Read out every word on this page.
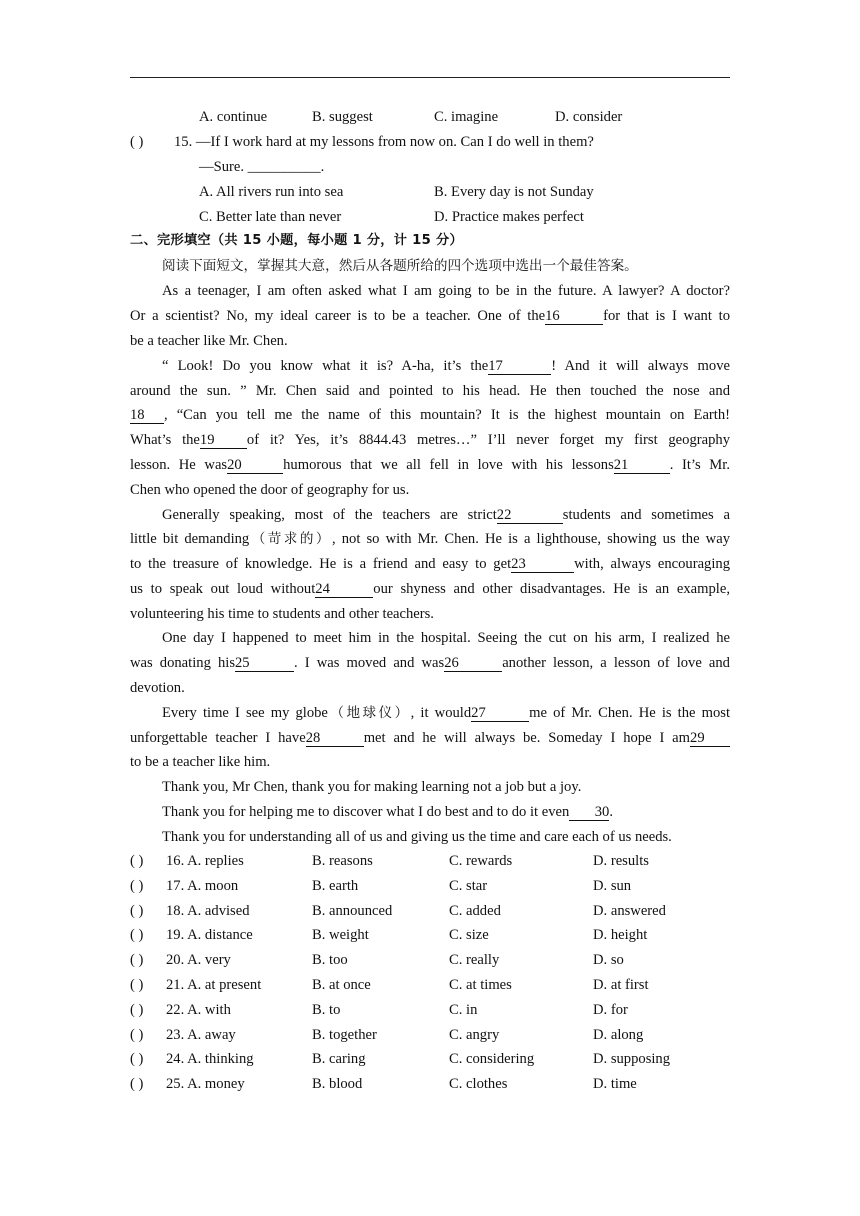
A. continue	B. suggest	C. imagine	D. consider
( ) 15. —If I work hard at my lessons from now on. Can I do well in them?
—Sure. __________.
A. All rivers run into sea	B. Every day is not Sunday
C. Better late than never	D. Practice makes perfect
二、完形填空（共 15 小题，每小题 1 分，计 15 分）
阅读下面短文，掌握其大意，然后从各题所给的四个选项中选出一个最佳答案。
As a teenager, I am often asked what I am going to be in the future. A lawyer? A doctor?
Or a scientist? No, my ideal career is to be a teacher. One of the16	for that is I want to
be a teacher like Mr. Chen.
“ Look! Do you know what it is? A-ha, it’s the17	! And it will always move
around the sun. ” Mr. Chen said and pointed to his head. He then touched the nose and
18 , “Can you tell me the name of this mountain? It is the highest mountain on Earth!
What’s the19 of it? Yes, it’s 8844.43 metres…” I’ll never forget my first geography
lesson. He was20	humorous that we all fell in love with his lessons21	. It’s Mr.
Chen who opened the door of geography for us.
Generally speaking, most of the teachers are strict22	students and sometimes a
little bit demanding（苛求的）, not so with Mr. Chen. He is a lighthouse, showing us the way
to the treasure of knowledge. He is a friend and easy to get23	with, always encouraging
us to speak out loud without24	our shyness and other disadvantages. He is an example,
volunteering his time to students and other teachers.
One day I happened to meet him in the hospital. Seeing the cut on his arm, I realized he
was donating his25	. I was moved and was26	another lesson, a lesson of love and
devotion.
Every time I see my globe（地球仪）, it would27	me of Mr. Chen. He is the most
unforgettable teacher I have28	met and he will always be. Someday I hope I am29
to be a teacher like him.
Thank you, Mr Chen, thank you for making learning not a job but a joy.
Thank you for helping me to discover what I do best and to do it even 30.
Thank you for understanding all of us and giving us the time and care each of us needs.
( ) 16. A. replies	B. reasons	C. rewards	D. results
( ) 17. A. moon	B. earth	C. star	D. sun
( ) 18. A. advised	B. announced	C. added	D. answered
( ) 19. A. distance	B. weight	C. size	D. height
( ) 20. A. very	B. too	C. really	D. so
( ) 21. A. at present	B. at once	C. at times	D. at first
( ) 22. A. with	B. to	C. in	D. for
( ) 23. A. away	B. together	C. angry	D. along
( ) 24. A. thinking	B. caring	C. considering	D. supposing
( ) 25. A. money	B. blood	C. clothes	D. time
